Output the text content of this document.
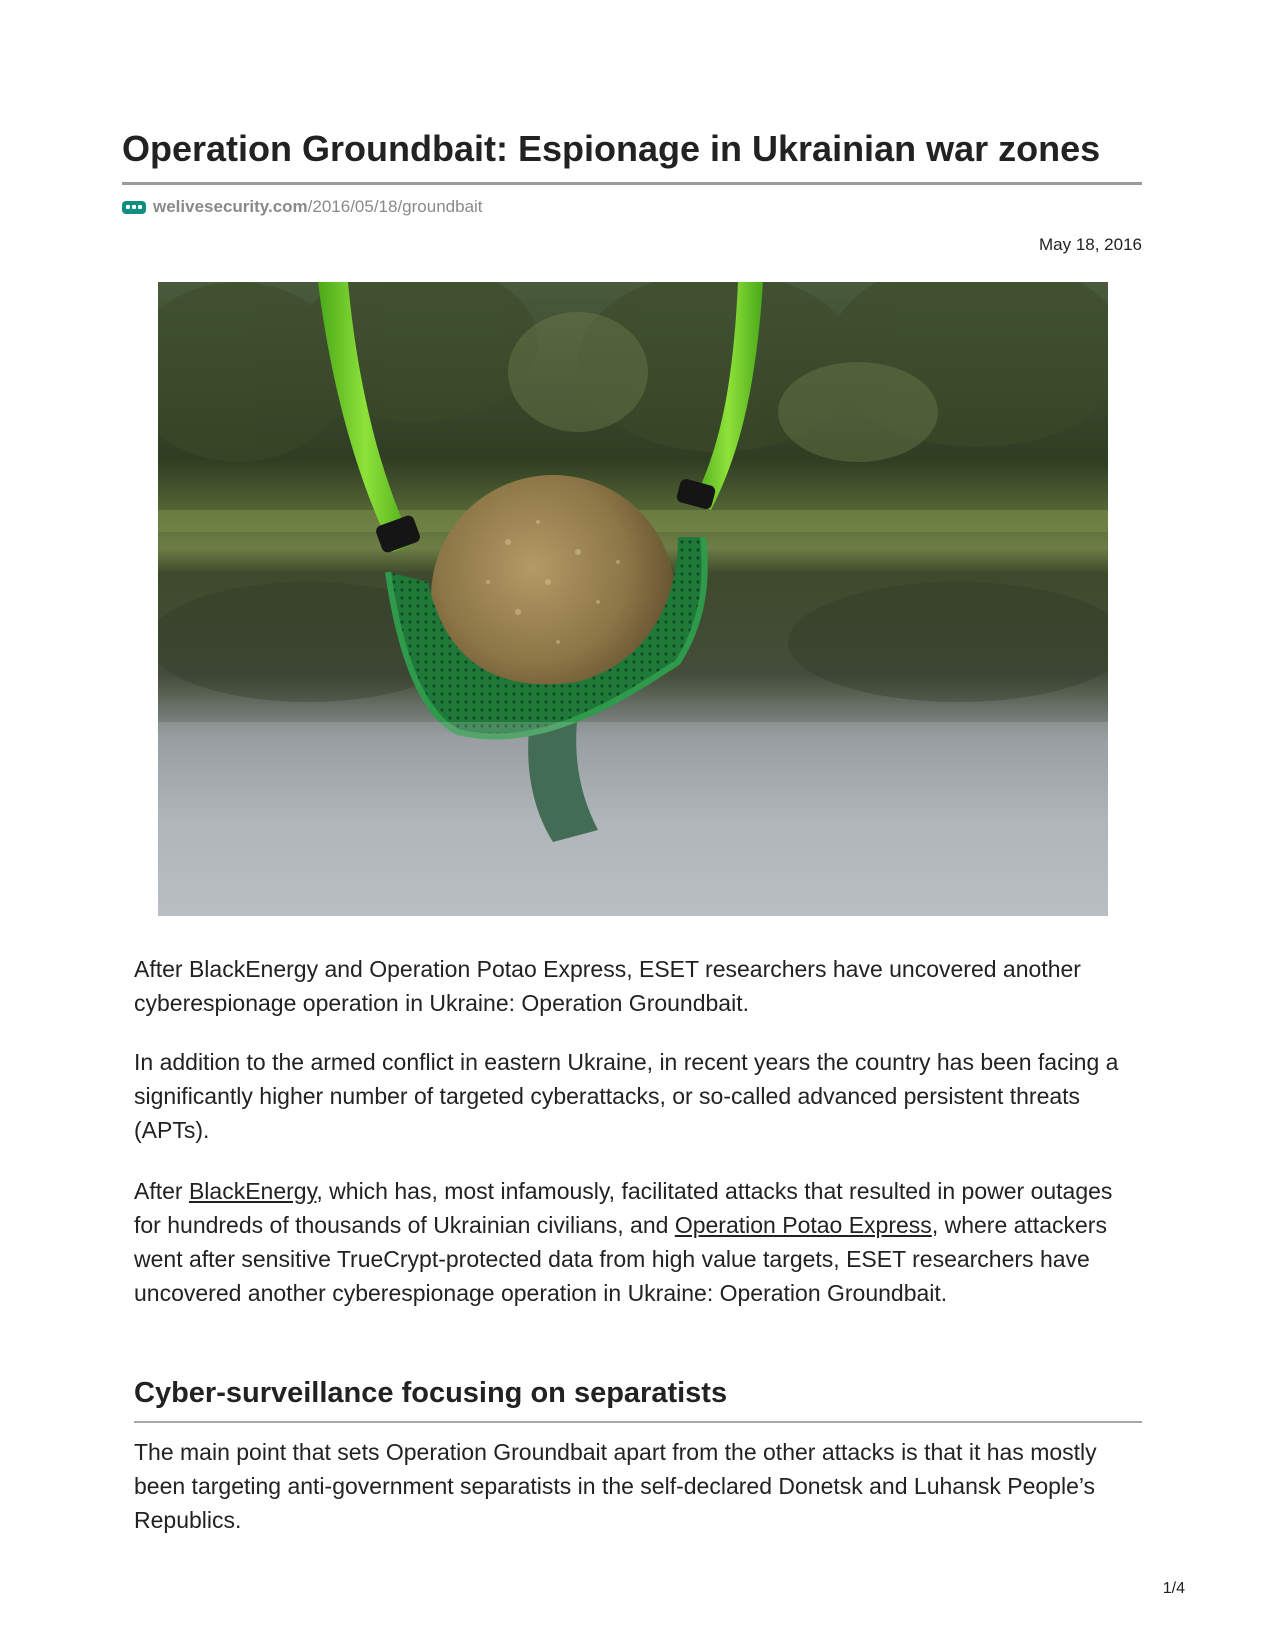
Operation Groundbait: Espionage in Ukrainian war zones
welivesecurity.com /2016/05/18/groundbait
May 18, 2016

After BlackEnergy and Operation Potao Express, ESET researchers have uncovered another cyberespionage operation in Ukraine: Operation Groundbait.

In addition to the armed conflict in eastern Ukraine, in recent years the country has been facing a significantly higher number of targeted cyberattacks, or so-called advanced persistent threats (APTs).

After BlackEnergy, which has, most infamously, facilitated attacks that resulted in power outages for hundreds of thousands of Ukrainian civilians, and Operation Potao Express, where attackers went after sensitive TrueCrypt-protected data from high value targets, ESET researchers have uncovered another cyberespionage operation in Ukraine: Operation Groundbait.

Cyber-surveillance focusing on separatists

The main point that sets Operation Groundbait apart from the other attacks is that it has mostly been targeting anti-government separatists in the self-declared Donetsk and Luhansk People’s Republics.

1/4
